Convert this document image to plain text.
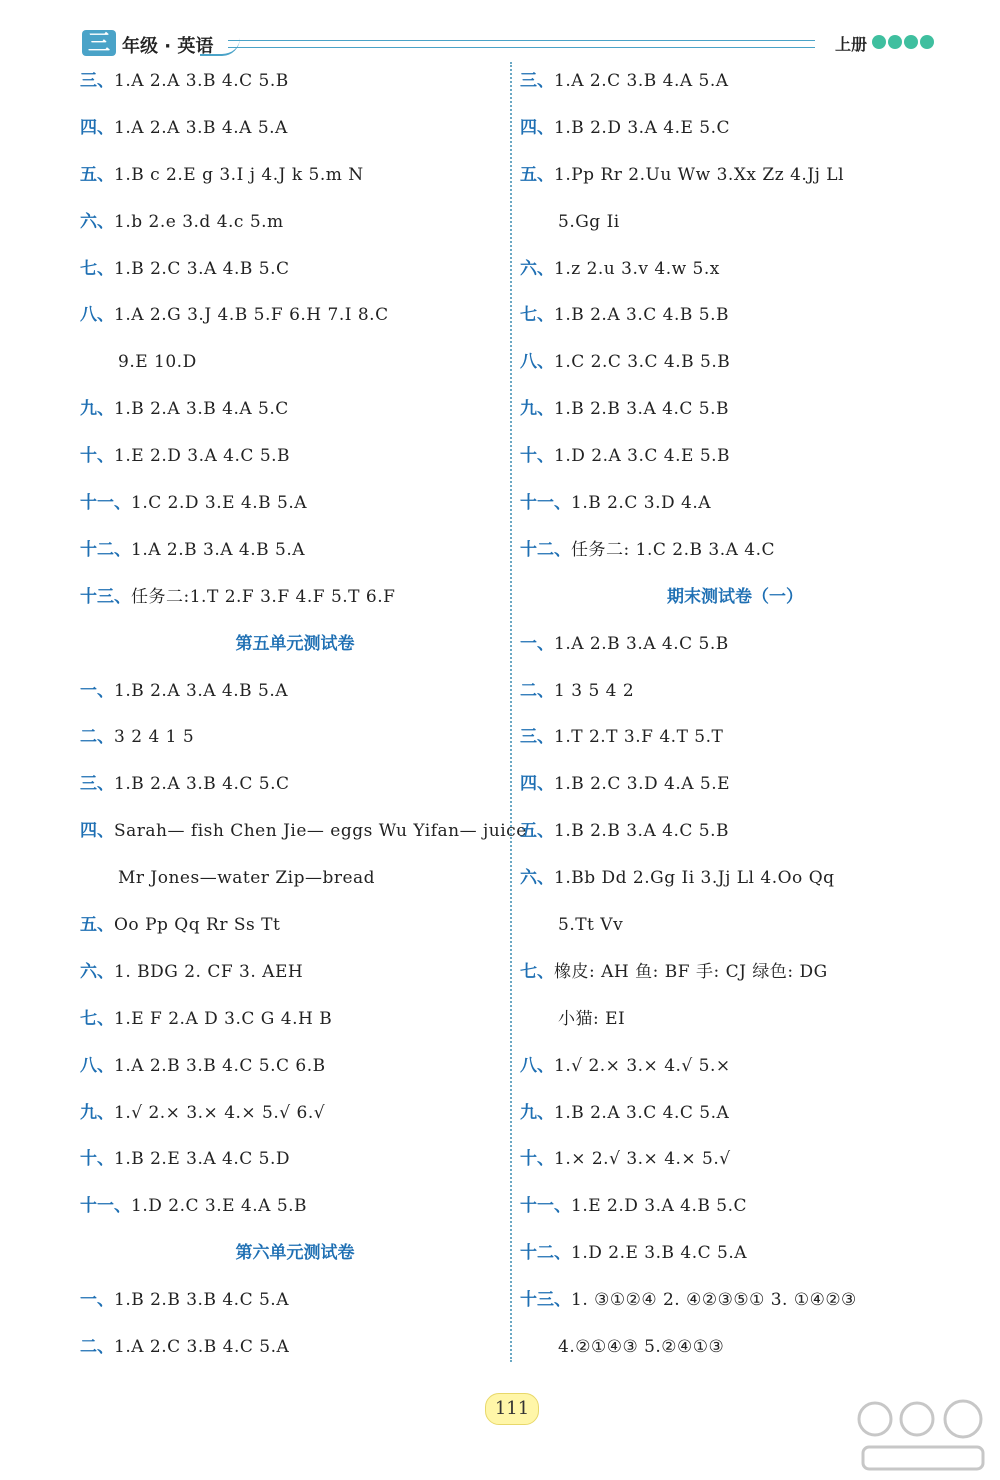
三 年级 · 英语	上册
三、1.A 2.A 3.B 4.C 5.B
四、1.A 2.A 3.B 4.A 5.A
五、1.B c 2.E g 3.I j 4.J k 5.m N
六、1.b 2.e 3.d 4.c 5.m
七、1.B 2.C 3.A 4.B 5.C
八、1.A 2.G 3.J 4.B 5.F 6.H 7.I 8.C
9.E 10.D
九、1.B 2.A 3.B 4.A 5.C
十、1.E 2.D 3.A 4.C 5.B
十一、1.C 2.D 3.E 4.B 5.A
十二、1.A 2.B 3.A 4.B 5.A
十三、任务二:1.T 2.F 3.F 4.F 5.T 6.F
第五单元测试卷
一、1.B 2.A 3.A 4.B 5.A
二、3 2 4 1 5
三、1.B 2.A 3.B 4.C 5.C
四、Sarah— fish Chen Jie— eggs Wu Yifan— juice
Mr Jones—water Zip—bread
五、Oo Pp Qq Rr Ss Tt
六、1. BDG 2. CF 3. AEH
七、1.E F 2.A D 3.C G 4.H B
八、1.A 2.B 3.B 4.C 5.C 6.B
九、1.√ 2.× 3.× 4.× 5.√ 6.√
十、1.B 2.E 3.A 4.C 5.D
十一、1.D 2.C 3.E 4.A 5.B
第六单元测试卷
一、1.B 2.B 3.B 4.C 5.A
二、1.A 2.C 3.B 4.C 5.A
三、1.A 2.C 3.B 4.A 5.A
四、1.B 2.D 3.A 4.E 5.C
五、1.Pp Rr 2.Uu Ww 3.Xx Zz 4.Jj Ll
5.Gg Ii
六、1.z 2.u 3.v 4.w 5.x
七、1.B 2.A 3.C 4.B 5.B
八、1.C 2.C 3.C 4.B 5.B
九、1.B 2.B 3.A 4.C 5.B
十、1.D 2.A 3.C 4.E 5.B
十一、1.B 2.C 3.D 4.A
十二、任务二: 1.C 2.B 3.A 4.C
期末测试卷（一）
一、1.A 2.B 3.A 4.C 5.B
二、1 3 5 4 2
三、1.T 2.T 3.F 4.T 5.T
四、1.B 2.C 3.D 4.A 5.E
五、1.B 2.B 3.A 4.C 5.B
六、1.Bb Dd 2.Gg Ii 3.Jj Ll 4.Oo Qq
5.Tt Vv
七、橡皮: AH 鱼: BF 手: CJ 绿色: DG
小猫: EI
八、1.√ 2.× 3.× 4.√ 5.×
九、1.B 2.A 3.C 4.C 5.A
十、1.× 2.√ 3.× 4.× 5.√
十一、1.E 2.D 3.A 4.B 5.C
十二、1.D 2.E 3.B 4.C 5.A
十三、1. ③①②④ 2. ④②③⑤① 3. ①④②③
4.②①④③ 5.②④①③
111
